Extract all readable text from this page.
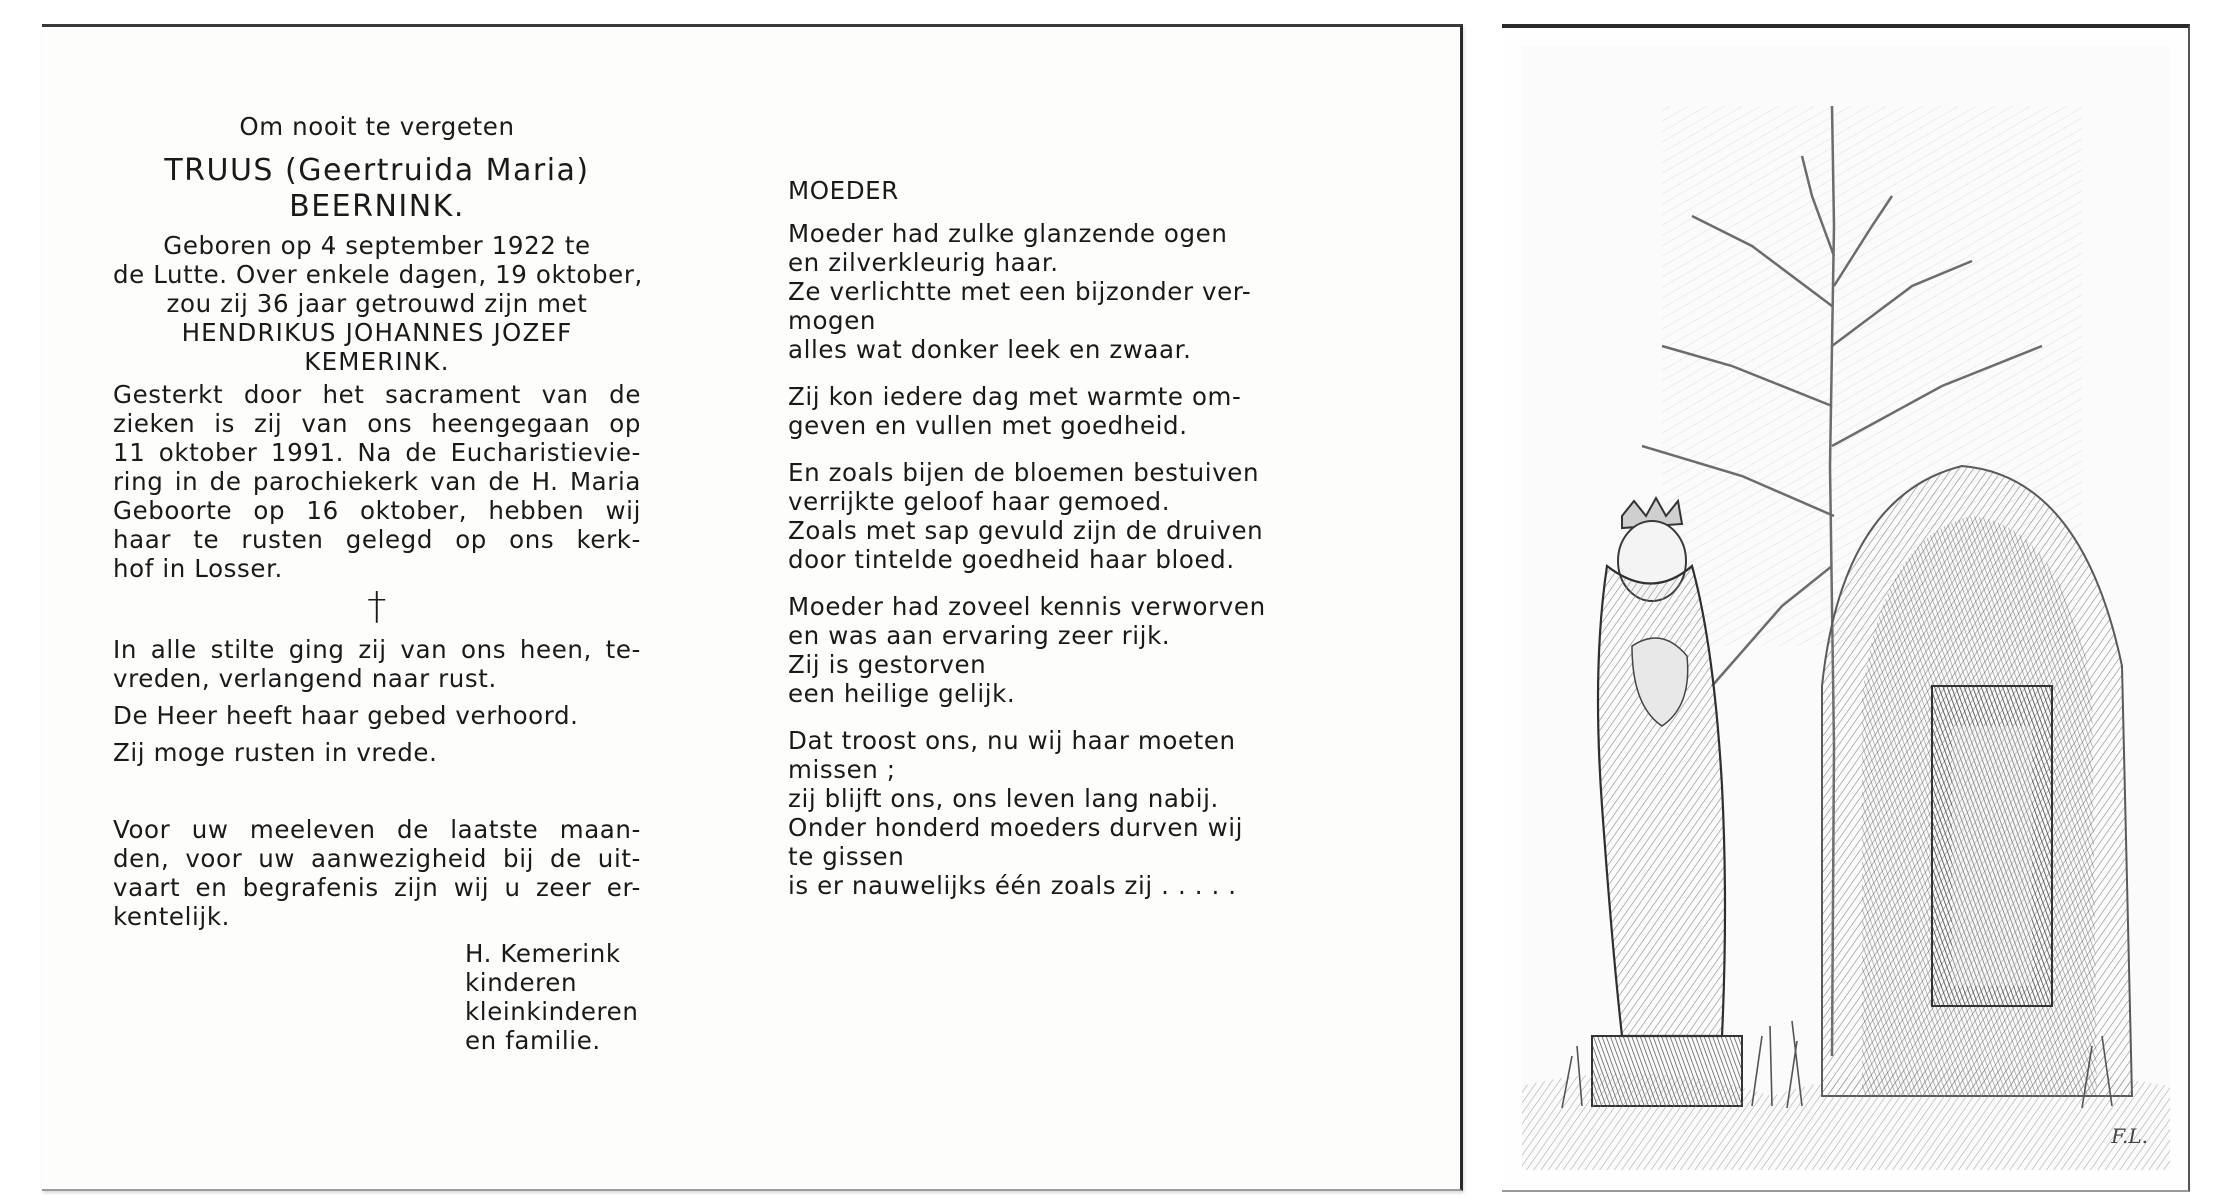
Om nooit te vergeten
TRUUS (Geertruida Maria)
BEERNINK.
Geboren op 4 september 1922 te
de Lutte. Over enkele dagen, 19 oktober,
zou zij 36 jaar getrouwd zijn met
HENDRIKUS JOHANNES JOZEF
KEMERINK.
Gesterkt door het sacrament van de
zieken is zij van ons heengegaan op
11 oktober 1991. Na de Eucharistievie-
ring in de parochiekerk van de H. Maria
Geboorte op 16 oktober, hebben wij
haar te rusten gelegd op ons kerk-
hof in Losser.
†
In alle stilte ging zij van ons heen, te-
vreden, verlangend naar rust.
De Heer heeft haar gebed verhoord.
Zij moge rusten in vrede.
Voor uw meeleven de laatste maan-
den, voor uw aanwezigheid bij de uit-
vaart en begrafenis zijn wij u zeer er-
kentelijk.
H. Kemerink
kinderen
kleinkinderen
en familie.
MOEDER
Moeder had zulke glanzende ogen
en zilverkleurig haar.
Ze verlichtte met een bijzonder ver-
mogen
alles wat donker leek en zwaar.
Zij kon iedere dag met warmte om-
geven en vullen met goedheid.
En zoals bijen de bloemen bestuiven
verrijkte geloof haar gemoed.
Zoals met sap gevuld zijn de druiven
door tintelde goedheid haar bloed.
Moeder had zoveel kennis verworven
en was aan ervaring zeer rijk.
Zij is gestorven
een heilige gelijk.
Dat troost ons, nu wij haar moeten
missen ;
zij blijft ons, ons leven lang nabij.
Onder honderd moeders durven wij
te gissen
is er nauwelijks één zoals zij . . . . .
F.L.
